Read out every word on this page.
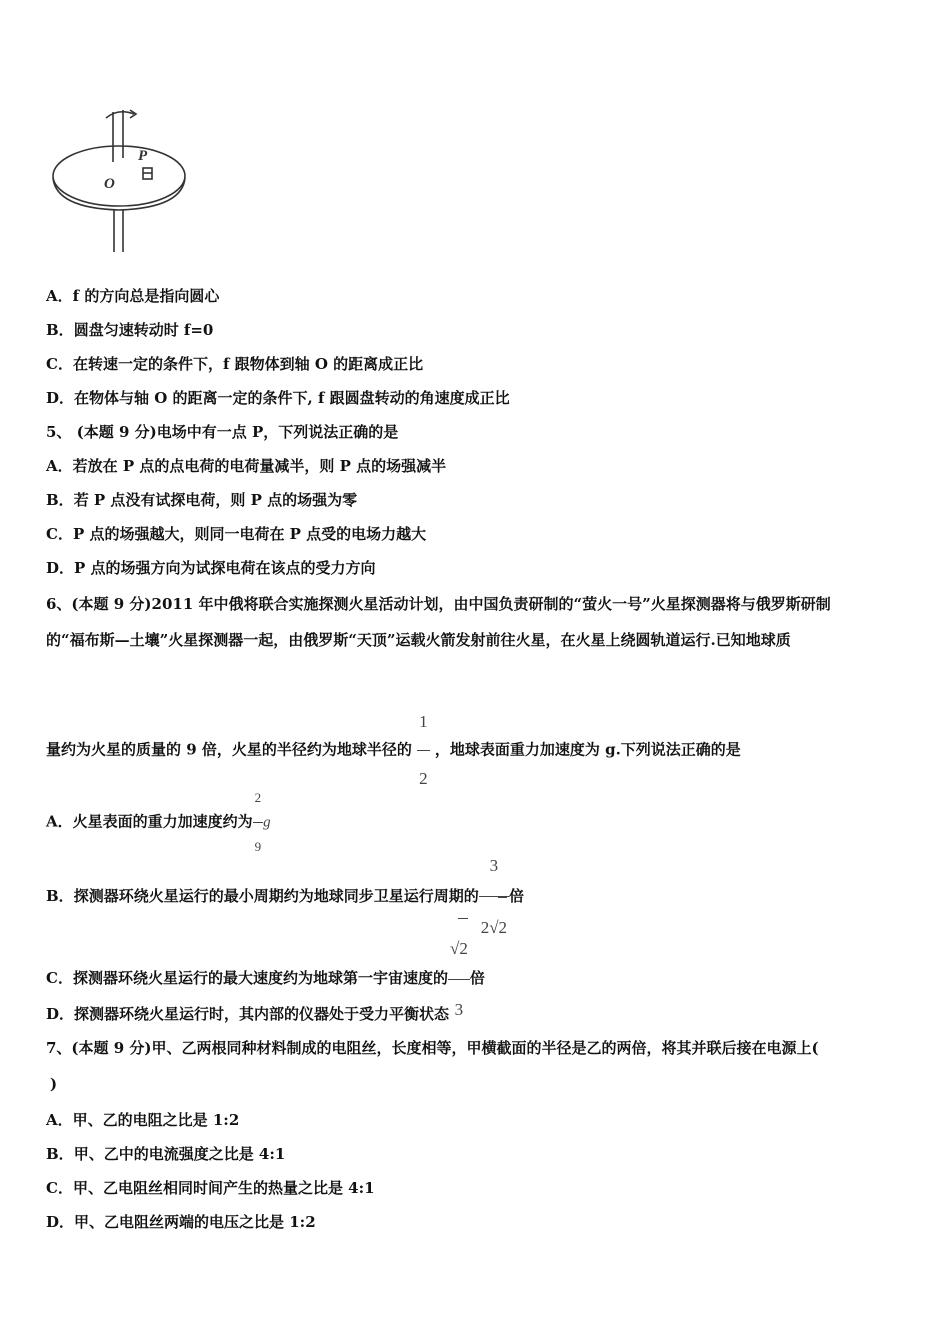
P
O
A．f 的方向总是指向圆心
B．圆盘匀速转动时 f=0
C．在转速一定的条件下，f 跟物体到轴 O 的距离成正比
D．在物体与轴 O 的距离一定的条件下, f 跟圆盘转动的角速度成正比
5、 (本题 9 分)电场中有一点 P，下列说法正确的是
A．若放在 P 点的点电荷的电荷量减半，则 P 点的场强减半
B．若 P 点没有试探电荷，则 P 点的场强为零
C．P 点的场强越大，则同一电荷在 P 点受的电场力越大
D．P 点的场强方向为试探电荷在该点的受力方向
6、(本题 9 分)2011 年中俄将联合实施探测火星活动计划，由中国负责研制的“萤火一号”火星探测器将与俄罗斯研制
的“福布斯—土壤”火星探测器一起，由俄罗斯“天顶”运载火箭发射前往火星，在火星上绕圆轨道运行.已知地球质
量约为火星的质量的 9 倍，火星的半径约为地球半径的 $\frac{1}{2}$ ，地球表面重力加速度为 g.下列说法正确的是
A．火星表面的重力加速度约为 $\frac{2}{9}$ g
B．探测器环绕火星运行的最小周期约为地球同步卫星运行周期的 $\frac{3}{2√2}$ 倍
C．探测器环绕火星运行的最大速度约为地球第一宇宙速度的 $\frac{√2}{3}$ 倍
D．探测器环绕火星运行时，其内部的仪器处于受力平衡状态
7、(本题 9 分)甲、乙两根同种材料制成的电阻丝，长度相等，甲横截面的半径是乙的两倍，将其并联后接在电源上(
)
A．甲、乙的电阻之比是 1:2
B．甲、乙中的电流强度之比是 4:1
C．甲、乙电阻丝相同时间产生的热量之比是 4:1
D．甲、乙电阻丝两端的电压之比是 1:2
